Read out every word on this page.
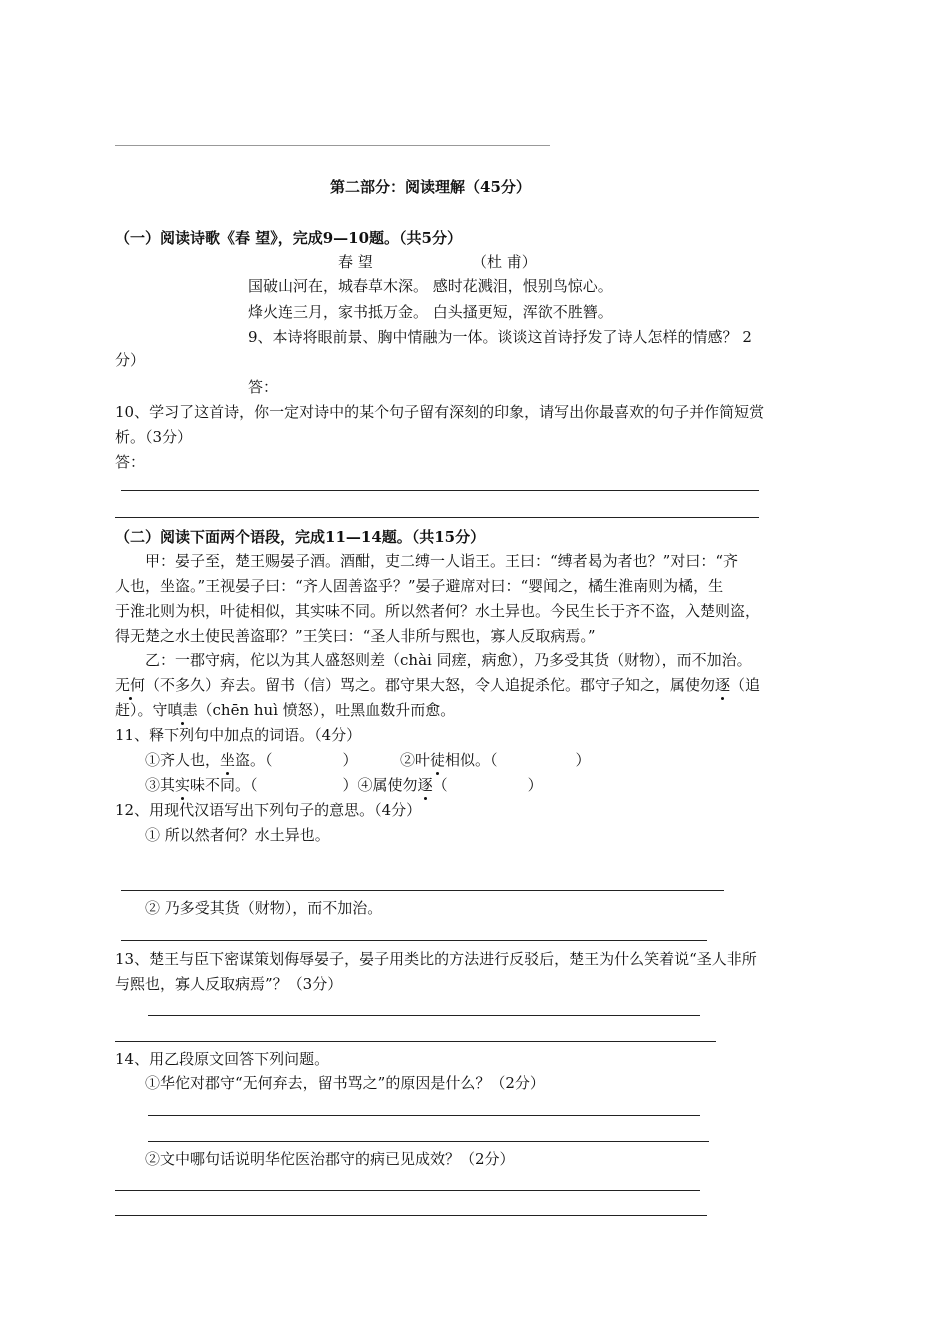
第二部分：阅读理解（45分）
（一）阅读诗歌《春 望》，完成9—10题。（共5分）
春 望	（杜 甫）
国破山河在，城春草木深。 感时花溅泪，恨别鸟惊心。
烽火连三月，家书抵万金。 白头搔更短，浑欲不胜簪。
9、本诗将眼前景、胸中情融为一体。谈谈这首诗抒发了诗人怎样的情感？ 2
分）
答：
10、学习了这首诗，你一定对诗中的某个句子留有深刻的印象，请写出你最喜欢的句子并作简短赏
析。（3分）
答：
（二）阅读下面两个语段，完成11—14题。（共15分）
甲：晏子至，楚王赐晏子酒。酒酣，吏二缚一人诣王。王曰：“缚者曷为者也？”对曰：“齐
人也，坐盗。”王视晏子曰：“齐人固善盗乎？”晏子避席对曰：“婴闻之，橘生淮南则为橘，生
于淮北则为枳，叶徒相似，其实味不同。所以然者何？水土异也。今民生长于齐不盗，入楚则盗，
得无楚之水土使民善盗耶？”王笑曰：“圣人非所与熙也，寡人反取病焉。”
乙：一郡守病，佗以为其人盛怒则差（chài 同瘥，病愈），乃多受其货（财物），而不加治。
无何（不多久）弃去。留书（信）骂之。郡守果大怒，令人追捉杀佗。郡守子知之，属使勿逐（追
赶）。守嗔恚（chēn huì 愤怒），吐黑血数升而愈。
11、释下列句中加点的词语。（4分）
①齐人也，坐盗。（	）	②叶徒相似。（	）
③其实味不同。（	）④属使勿逐（	）
12、用现代汉语写出下列句子的意思。（4分）
① 所以然者何？水土异也。
② 乃多受其货（财物），而不加治。
13、楚王与臣下密谋策划侮辱晏子，晏子用类比的方法进行反驳后，楚王为什么笑着说“圣人非所
与熙也，寡人反取病焉”？（3分）
14、用乙段原文回答下列问题。
①华佗对郡守“无何弃去，留书骂之”的原因是什么？（2分）
②文中哪句话说明华佗医治郡守的病已见成效？（2分）
